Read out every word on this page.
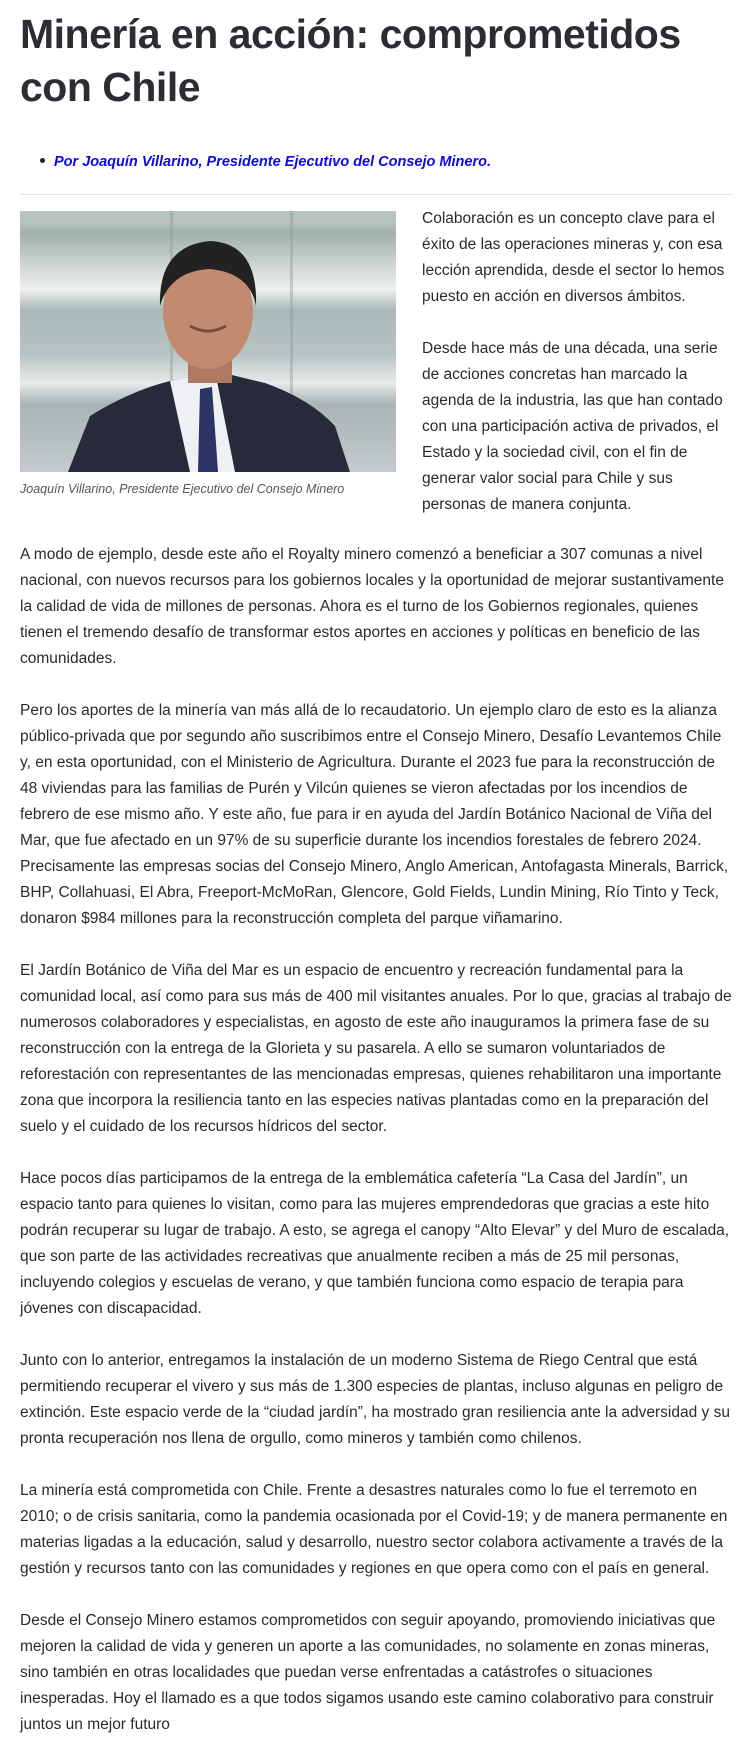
Minería en acción: comprometidos con Chile
Por Joaquín Villarino, Presidente Ejecutivo del Consejo Minero.
Joaquín Villarino, Presidente Ejecutivo del Consejo Minero

Colaboración es un concepto clave para el éxito de las operaciones mineras y, con esa lección aprendida, desde el sector lo hemos puesto en acción en diversos ámbitos.

Desde hace más de una década, una serie de acciones concretas han marcado la agenda de la industria, las que han contado con una participación activa de privados, el Estado y la sociedad civil, con el fin de generar valor social para Chile y sus personas de manera conjunta.

A modo de ejemplo, desde este año el Royalty minero comenzó a beneficiar a 307 comunas a nivel nacional, con nuevos recursos para los gobiernos locales y la oportunidad de mejorar sustantivamente la calidad de vida de millones de personas. Ahora es el turno de los Gobiernos regionales, quienes tienen el tremendo desafío de transformar estos aportes en acciones y políticas en beneficio de las comunidades.

Pero los aportes de la minería van más allá de lo recaudatorio. Un ejemplo claro de esto es la alianza público-privada que por segundo año suscribimos entre el Consejo Minero, Desafío Levantemos Chile y, en esta oportunidad, con el Ministerio de Agricultura. Durante el 2023 fue para la reconstrucción de 48 viviendas para las familias de Purén y Vilcún quienes se vieron afectadas por los incendios de febrero de ese mismo año. Y este año, fue para ir en ayuda del Jardín Botánico Nacional de Viña del Mar, que fue afectado en un 97% de su superficie durante los incendios forestales de febrero 2024. Precisamente las empresas socias del Consejo Minero, Anglo American, Antofagasta Minerals, Barrick, BHP, Collahuasi, El Abra, Freeport-McMoRan, Glencore, Gold Fields, Lundin Mining, Río Tinto y Teck, donaron $984 millones para la reconstrucción completa del parque viñamarino.

El Jardín Botánico de Viña del Mar es un espacio de encuentro y recreación fundamental para la comunidad local, así como para sus más de 400 mil visitantes anuales. Por lo que, gracias al trabajo de numerosos colaboradores y especialistas, en agosto de este año inauguramos la primera fase de su reconstrucción con la entrega de la Glorieta y su pasarela. A ello se sumaron voluntariados de reforestación con representantes de las mencionadas empresas, quienes rehabilitaron una importante zona que incorpora la resiliencia tanto en las especies nativas plantadas como en la preparación del suelo y el cuidado de los recursos hídricos del sector.

Hace pocos días participamos de la entrega de la emblemática cafetería “La Casa del Jardín”, un espacio tanto para quienes lo visitan, como para las mujeres emprendedoras que gracias a este hito podrán recuperar su lugar de trabajo. A esto, se agrega el canopy “Alto Elevar” y del Muro de escalada, que son parte de las actividades recreativas que anualmente reciben a más de 25 mil personas, incluyendo colegios y escuelas de verano, y que también funciona como espacio de terapia para jóvenes con discapacidad.

Junto con lo anterior, entregamos la instalación de un moderno Sistema de Riego Central que está permitiendo recuperar el vivero y sus más de 1.300 especies de plantas, incluso algunas en peligro de extinción. Este espacio verde de la “ciudad jardín”, ha mostrado gran resiliencia ante la adversidad y su pronta recuperación nos llena de orgullo, como mineros y también como chilenos.

La minería está comprometida con Chile. Frente a desastres naturales como lo fue el terremoto en 2010; o de crisis sanitaria, como la pandemia ocasionada por el Covid-19; y de manera permanente en materias ligadas a la educación, salud y desarrollo, nuestro sector colabora activamente a través de la gestión y recursos tanto con las comunidades y regiones en que opera como con el país en general.

Desde el Consejo Minero estamos comprometidos con seguir apoyando, promoviendo iniciativas que mejoren la calidad de vida y generen un aporte a las comunidades, no solamente en zonas mineras, sino también en otras localidades que puedan verse enfrentadas a catástrofes o situaciones inesperadas. Hoy el llamado es a que todos sigamos usando este camino colaborativo para construir juntos un mejor futuro
